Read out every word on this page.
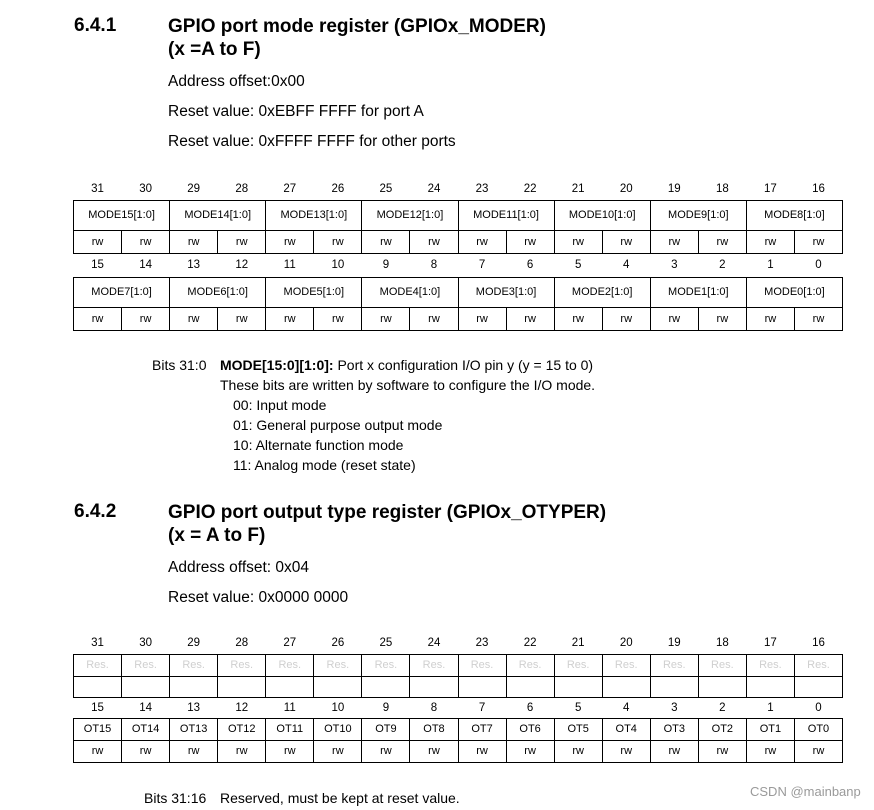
6.4.1	GPIO port mode register (GPIOx_MODER)
(x =A to F)
Address offset:0x00
Reset value: 0xEBFF FFFF for port A
Reset value: 0xFFFF FFFF for other ports
31	30	29	28	27	26	25	24	23	22	21	20	19	18	17	16
MODE15[1:0]		MODE14[1:0]		MODE13[1:0]		MODE12[1:0]		MODE11[1:0]		MODE10[1:0]		MODE9[1:0]		MODE8[1:0]	
rw	rw	rw	rw	rw	rw	rw	rw	rw	rw	rw	rw	rw	rw	rw	rw
15	14	13	12	11	10	9	8	7	6	5	4	3	2	1	0
MODE7[1:0]		MODE6[1:0]		MODE5[1:0]		MODE4[1:0]		MODE3[1:0]		MODE2[1:0]		MODE1[1:0]		MODE0[1:0]	
rw	rw	rw	rw	rw	rw	rw	rw	rw	rw	rw	rw	rw	rw	rw	rw
Bits 31:0 MODE[15:0][1:0]: Port x configuration I/O pin y (y = 15 to 0)
These bits are written by software to configure the I/O mode.
00: Input mode
01: General purpose output mode
10: Alternate function mode
11: Analog mode (reset state)
6.4.2	GPIO port output type register (GPIOx_OTYPER)
(x = A to F)
Address offset: 0x04
Reset value: 0x0000 0000
31	30	29	28	27	26	25	24	23	22	21	20	19	18	17	16
Res.	Res.	Res.	Res.	Res.	Res.	Res.	Res.	Res.	Res.	Res.	Res.	Res.	Res.	Res.	Res.

15	14	13	12	11	10	9	8	7	6	5	4	3	2	1	0
OT15	OT14	OT13	OT12	OT11	OT10	OT9	OT8	OT7	OT6	OT5	OT4	OT3	OT2	OT1	OT0
rw	rw	rw	rw	rw	rw	rw	rw	rw	rw	rw	rw	rw	rw	rw	rw
Bits 31:16 Reserved, must be kept at reset value.	CSDN @mainbanp
